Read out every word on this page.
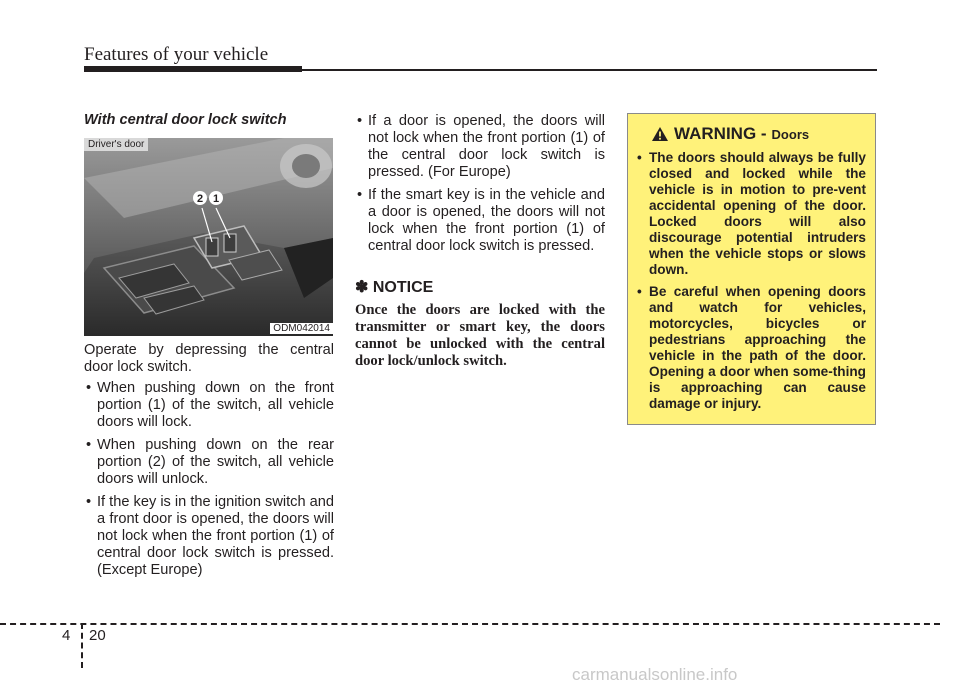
Features of your vehicle
With central door lock switch
Driver's door
2 1
ODM042014

Operate by depressing the central door lock switch.

• When pushing down on the front portion (1) of the switch, all vehicle doors will lock.

• When pushing down on the rear portion (2) of the switch, all vehicle doors will unlock.

• If the key is in the ignition switch and a front door is opened, the doors will not lock when the front portion (1) of central door lock switch is pressed. (Except Europe)

• If a door is opened, the doors will not lock when the front portion (1) of the central door lock switch is pressed. (For Europe)

• If the smart key is in the vehicle and a door is opened, the doors will not lock when the front portion (1) of central door lock switch is pressed.

✽ NOTICE

Once the doors are locked with the transmitter or smart key, the doors cannot be unlocked with the central door lock/unlock switch.

WARNING - Doors

• The doors should always be fully closed and locked while the vehicle is in motion to pre-vent accidental opening of the door. Locked doors will also discourage potential intruders when the vehicle stops or slows down.

• Be careful when opening doors and watch for vehicles, motorcycles, bicycles or pedestrians approaching the vehicle in the path of the door. Opening a door when some-thing is approaching can cause damage or injury.

4 20
carmanualsonline.info
